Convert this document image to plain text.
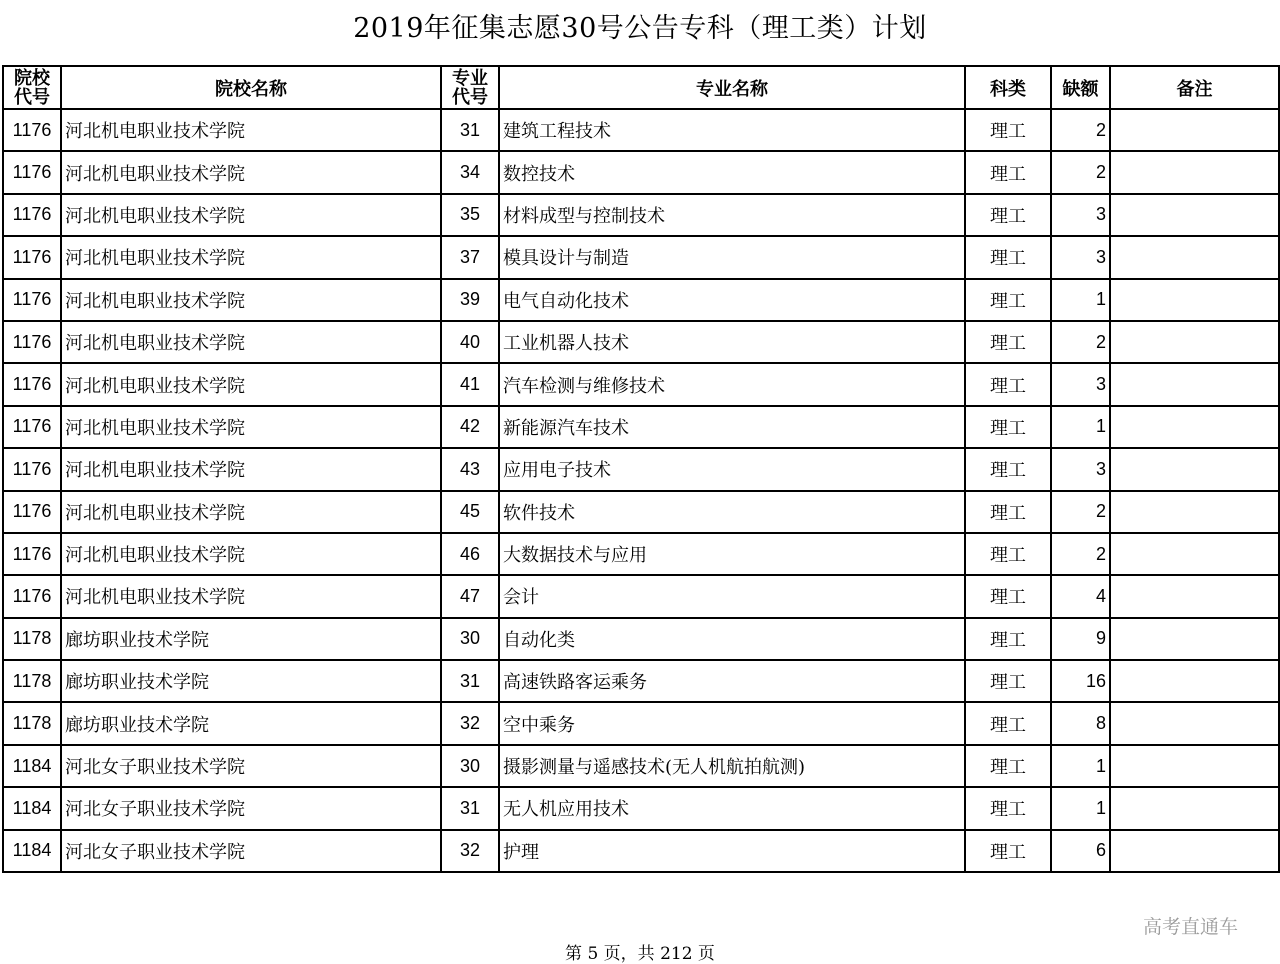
2019年征集志愿30号公告专科（理工类）计划
院校代号	院校名称	专业代号	专业名称	科类	缺额	备注
1176	河北机电职业技术学院	31	建筑工程技术	理工	2	
1176	河北机电职业技术学院	34	数控技术	理工	2	
1176	河北机电职业技术学院	35	材料成型与控制技术	理工	3	
1176	河北机电职业技术学院	37	模具设计与制造	理工	3	
1176	河北机电职业技术学院	39	电气自动化技术	理工	1	
1176	河北机电职业技术学院	40	工业机器人技术	理工	2	
1176	河北机电职业技术学院	41	汽车检测与维修技术	理工	3	
1176	河北机电职业技术学院	42	新能源汽车技术	理工	1	
1176	河北机电职业技术学院	43	应用电子技术	理工	3	
1176	河北机电职业技术学院	45	软件技术	理工	2	
1176	河北机电职业技术学院	46	大数据技术与应用	理工	2	
1176	河北机电职业技术学院	47	会计	理工	4	
1178	廊坊职业技术学院	30	自动化类	理工	9	
1178	廊坊职业技术学院	31	高速铁路客运乘务	理工	16	
1178	廊坊职业技术学院	32	空中乘务	理工	8	
1184	河北女子职业技术学院	30	摄影测量与遥感技术(无人机航拍航测)	理工	1	
1184	河北女子职业技术学院	31	无人机应用技术	理工	1	
1184	河北女子职业技术学院	32	护理	理工	6	
高考直通车
第 5 页，共 212 页
